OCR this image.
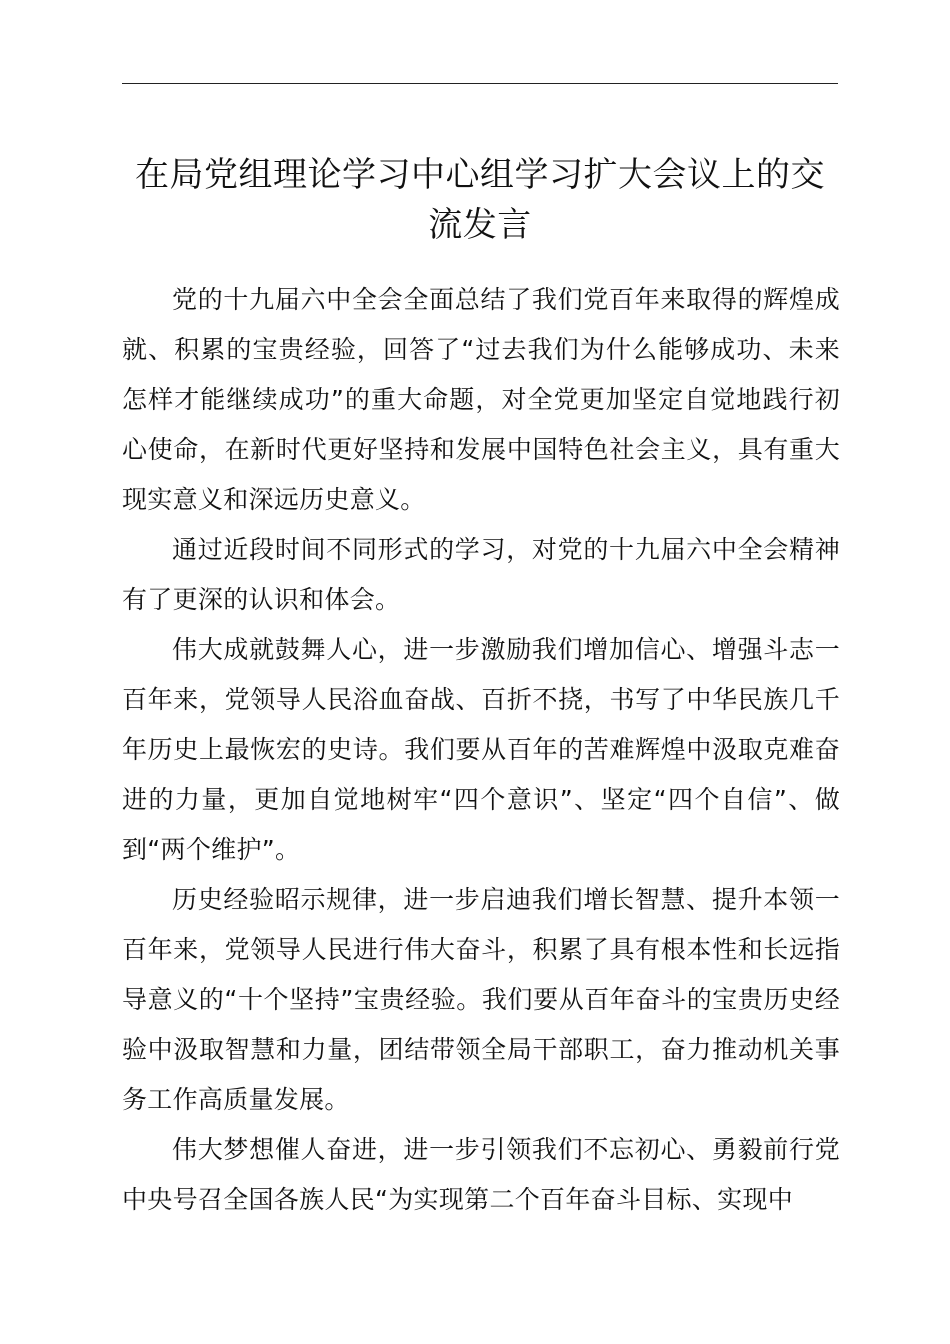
在局党组理论学习中心组学习扩大会议上的交流发言

党的十九届六中全会全面总结了我们党百年来取得的辉煌成就、积累的宝贵经验，回答了“过去我们为什么能够成功、未来怎样才能继续成功”的重大命题，对全党更加坚定自觉地践行初心使命，在新时代更好坚持和发展中国特色社会主义，具有重大现实意义和深远历史意义。

通过近段时间不同形式的学习，对党的十九届六中全会精神有了更深的认识和体会。

伟大成就鼓舞人心，进一步激励我们增加信心、增强斗志一百年来，党领导人民浴血奋战、百折不挠，书写了中华民族几千年历史上最恢宏的史诗。我们要从百年的苦难辉煌中汲取克难奋进的力量，更加自觉地树牢“四个意识”、坚定“四个自信”、做到“两个维护”。

历史经验昭示规律，进一步启迪我们增长智慧、提升本领一百年来，党领导人民进行伟大奋斗，积累了具有根本性和长远指导意义的“十个坚持”宝贵经验。我们要从百年奋斗的宝贵历史经验中汲取智慧和力量，团结带领全局干部职工，奋力推动机关事务工作高质量发展。

伟大梦想催人奋进，进一步引领我们不忘初心、勇毅前行党中央号召全国各族人民“为实现第二个百年奋斗目标、实现中
